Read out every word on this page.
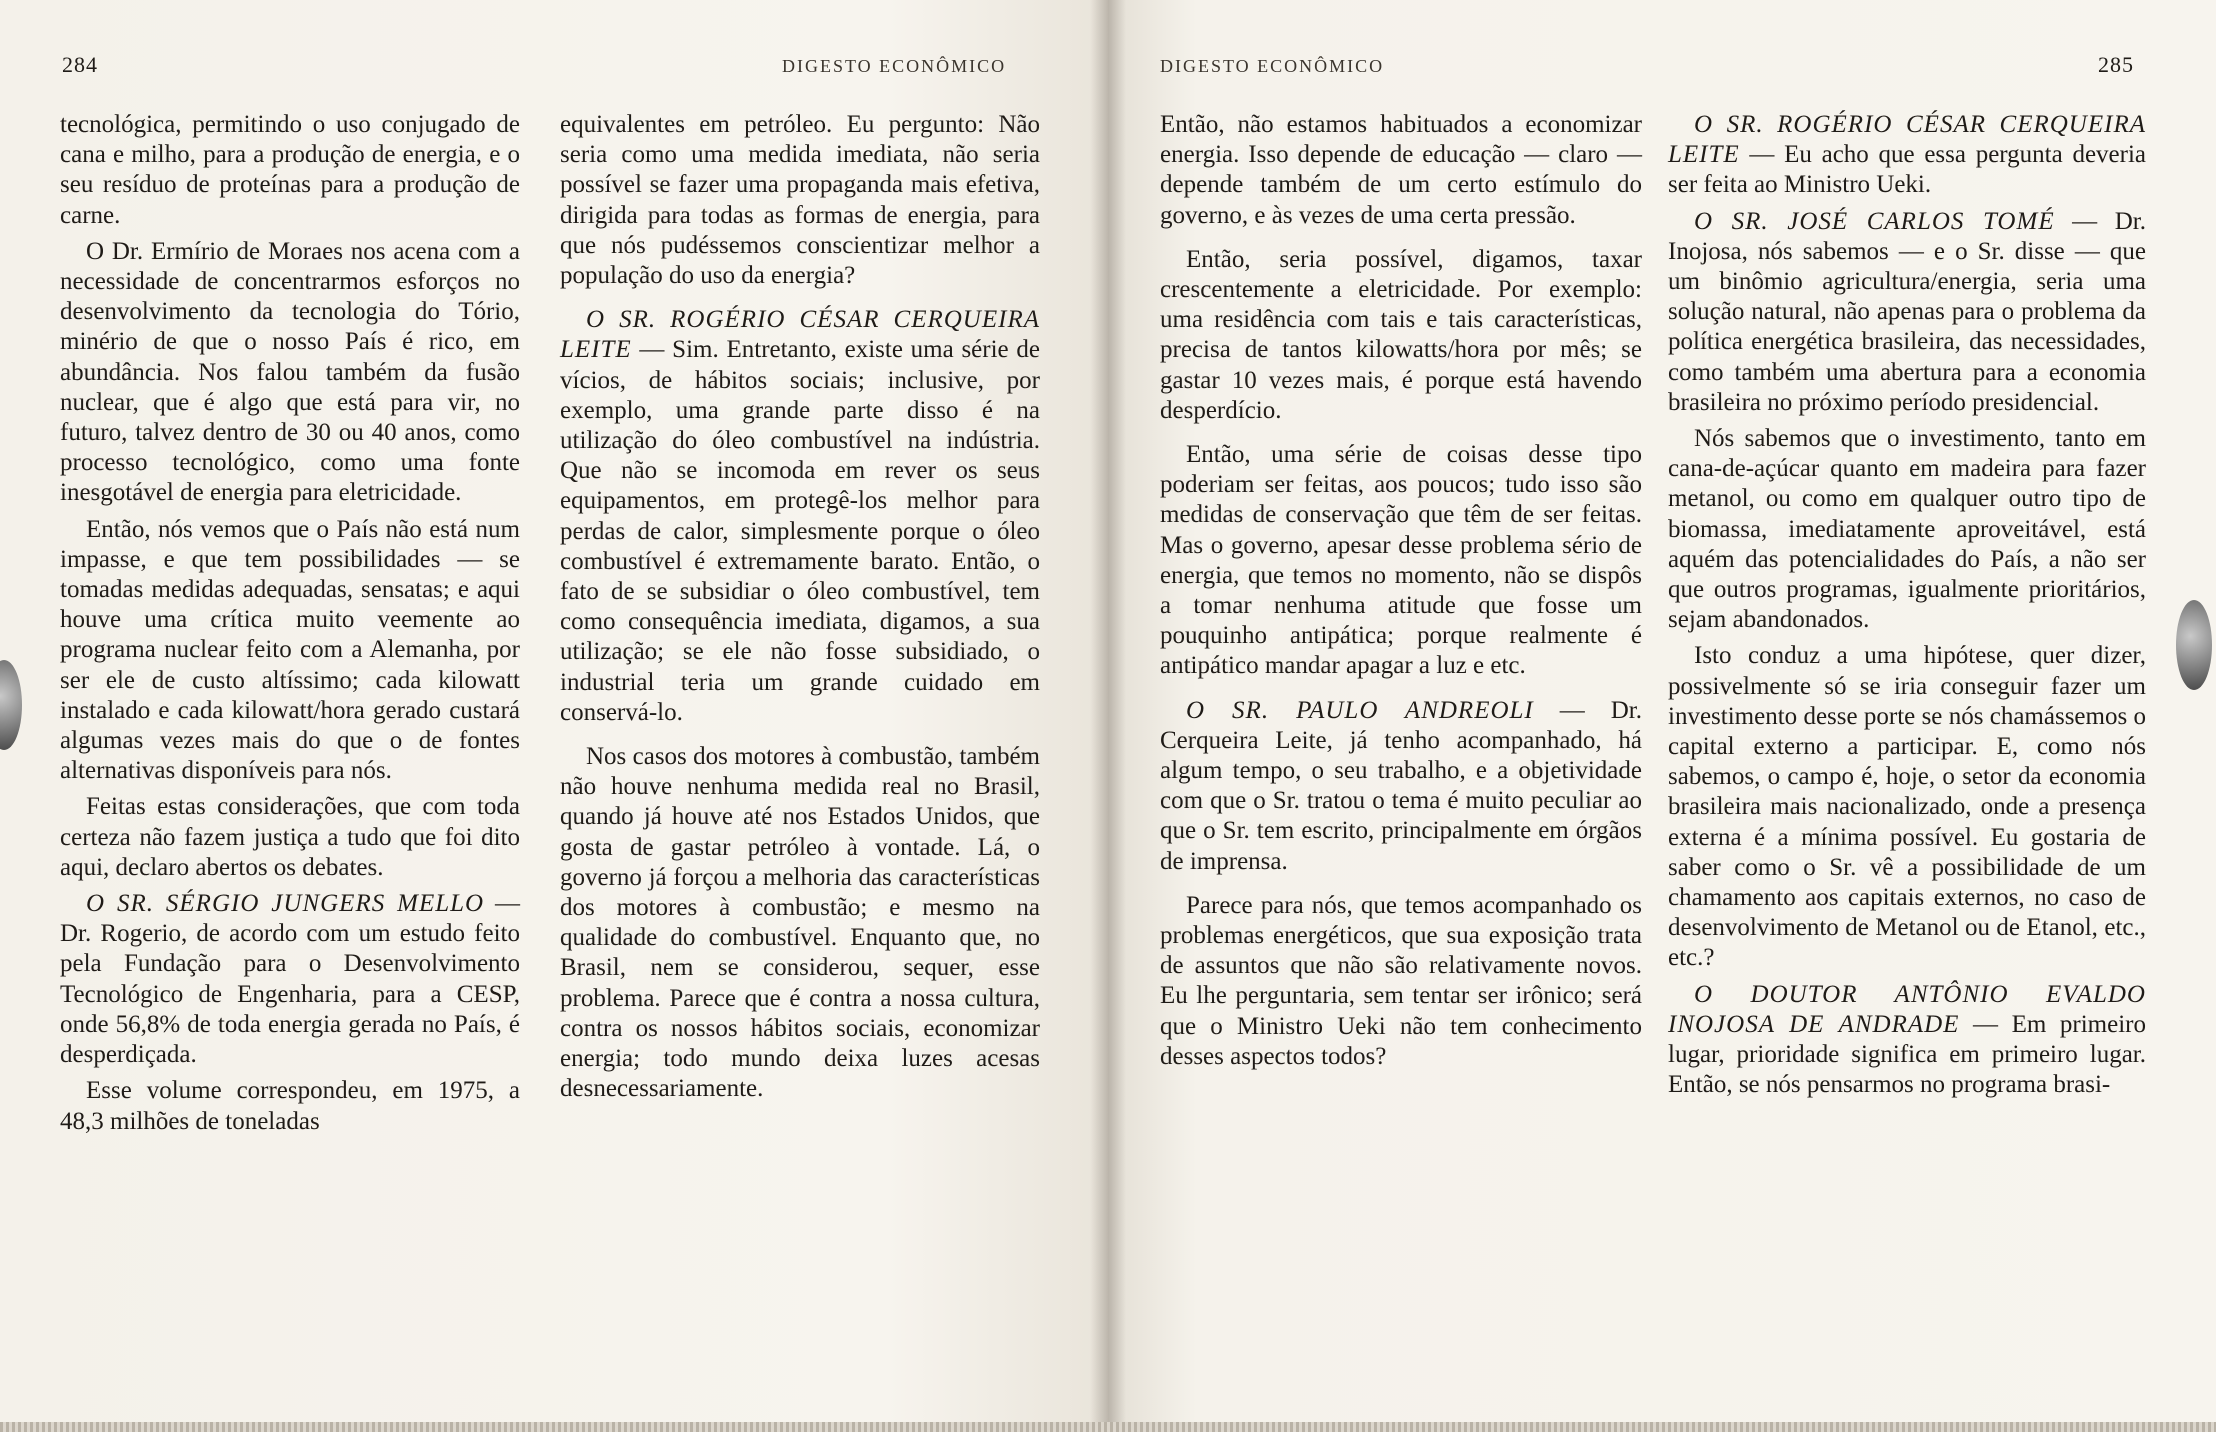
284	DIGESTO ECONÔMICO

tecnológica, permitindo o uso conjugado de cana e milho, para a produção de energia, e o seu resíduo de proteínas para a produção de carne.

O Dr. Ermírio de Moraes nos acena com a necessidade de concentrarmos esforços no desenvolvimento da tecnologia do Tório, minério de que o nosso País é rico, em abundância. Nos falou também da fusão nuclear, que é algo que está para vir, no futuro, talvez dentro de 30 ou 40 anos, como processo tecnológico, como uma fonte inesgotável de energia para eletricidade.

Então, nós vemos que o País não está num impasse, e que tem possibilidades — se tomadas medidas adequadas, sensatas; e aqui houve uma crítica muito veemente ao programa nuclear feito com a Alemanha, por ser ele de custo altíssimo; cada kilowatt instalado e cada kilowatt/hora gerado custará algumas vezes mais do que o de fontes alternativas disponíveis para nós.

Feitas estas considerações, que com toda certeza não fazem justiça a tudo que foi dito aqui, declaro abertos os debates.

O SR. SÉRGIO JUNGERS MELLO — Dr. Rogerio, de acordo com um estudo feito pela Fundação para o Desenvolvimento Tecnológico de Engenharia, para a CESP, onde 56,8% de toda energia gerada no País, é desperdiçada.

Esse volume correspondeu, em 1975, a 48,3 milhões de toneladas

equivalentes em petróleo. Eu pergunto: Não seria como uma medida imediata, não seria possível se fazer uma propaganda mais efetiva, dirigida para todas as formas de energia, para que nós pudéssemos conscientizar melhor a população do uso da energia?

O SR. ROGÉRIO CÉSAR CERQUEIRA LEITE — Sim. Entretanto, existe uma série de vícios, de hábitos sociais; inclusive, por exemplo, uma grande parte disso é na utilização do óleo combustível na indústria. Que não se incomoda em rever os seus equipamentos, em protegê-los melhor para perdas de calor, simplesmente porque o óleo combustível é extremamente barato. Então, o fato de se subsidiar o óleo combustível, tem como consequência imediata, digamos, a sua utilização; se ele não fosse subsidiado, o industrial teria um grande cuidado em conservá-lo.

Nos casos dos motores à combustão, também não houve nenhuma medida real no Brasil, quando já houve até nos Estados Unidos, que gosta de gastar petróleo à vontade. Lá, o governo já forçou a melhoria das características dos motores à combustão; e mesmo na qualidade do combustível. Enquanto que, no Brasil, nem se considerou, sequer, esse problema. Parece que é contra a nossa cultura, contra os nossos hábitos sociais, economizar energia; todo mundo deixa luzes acesas desnecessariamente.

DIGESTO ECONÔMICO	285

Então, não estamos habituados a economizar energia. Isso depende de educação — claro — depende também de um certo estímulo do governo, e às vezes de uma certa pressão.

Então, seria possível, digamos, taxar crescentemente a eletricidade. Por exemplo: uma residência com tais e tais características, precisa de tantos kilowatts/hora por mês; se gastar 10 vezes mais, é porque está havendo desperdício.

Então, uma série de coisas desse tipo poderiam ser feitas, aos poucos; tudo isso são medidas de conservação que têm de ser feitas. Mas o governo, apesar desse problema sério de energia, que temos no momento, não se dispôs a tomar nenhuma atitude que fosse um pouquinho antipática; porque realmente é antipático mandar apagar a luz e etc.

O SR. PAULO ANDREOLI — Dr. Cerqueira Leite, já tenho acompanhado, há algum tempo, o seu trabalho, e a objetividade com que o Sr. tratou o tema é muito peculiar ao que o Sr. tem escrito, principalmente em órgãos de imprensa.

Parece para nós, que temos acompanhado os problemas energéticos, que sua exposição trata de assuntos que não são relativamente novos. Eu lhe perguntaria, sem tentar ser irônico; será que o Ministro Ueki não tem conhecimento desses aspectos todos?

O SR. ROGÉRIO CÉSAR CERQUEIRA LEITE — Eu acho que essa pergunta deveria ser feita ao Ministro Ueki.

O SR. JOSÉ CARLOS TOMÉ — Dr. Inojosa, nós sabemos — e o Sr. disse — que um binômio agricultura/energia, seria uma solução natural, não apenas para o problema da política energética brasileira, das necessidades, como também uma abertura para a economia brasileira no próximo período presidencial.

Nós sabemos que o investimento, tanto em cana-de-açúcar quanto em madeira para fazer metanol, ou como em qualquer outro tipo de biomassa, imediatamente aproveitável, está aquém das potencialidades do País, a não ser que outros programas, igualmente prioritários, sejam abandonados.

Isto conduz a uma hipótese, quer dizer, possivelmente só se iria conseguir fazer um investimento desse porte se nós chamássemos o capital externo a participar. E, como nós sabemos, o campo é, hoje, o setor da economia brasileira mais nacionalizado, onde a presença externa é a mínima possível. Eu gostaria de saber como o Sr. vê a possibilidade de um chamamento aos capitais externos, no caso de desenvolvimento de Metanol ou de Etanol, etc., etc.?

O DOUTOR ANTÔNIO EVALDO INOJOSA DE ANDRADE — Em primeiro lugar, prioridade significa em primeiro lugar. Então, se nós pensarmos no programa brasi-
